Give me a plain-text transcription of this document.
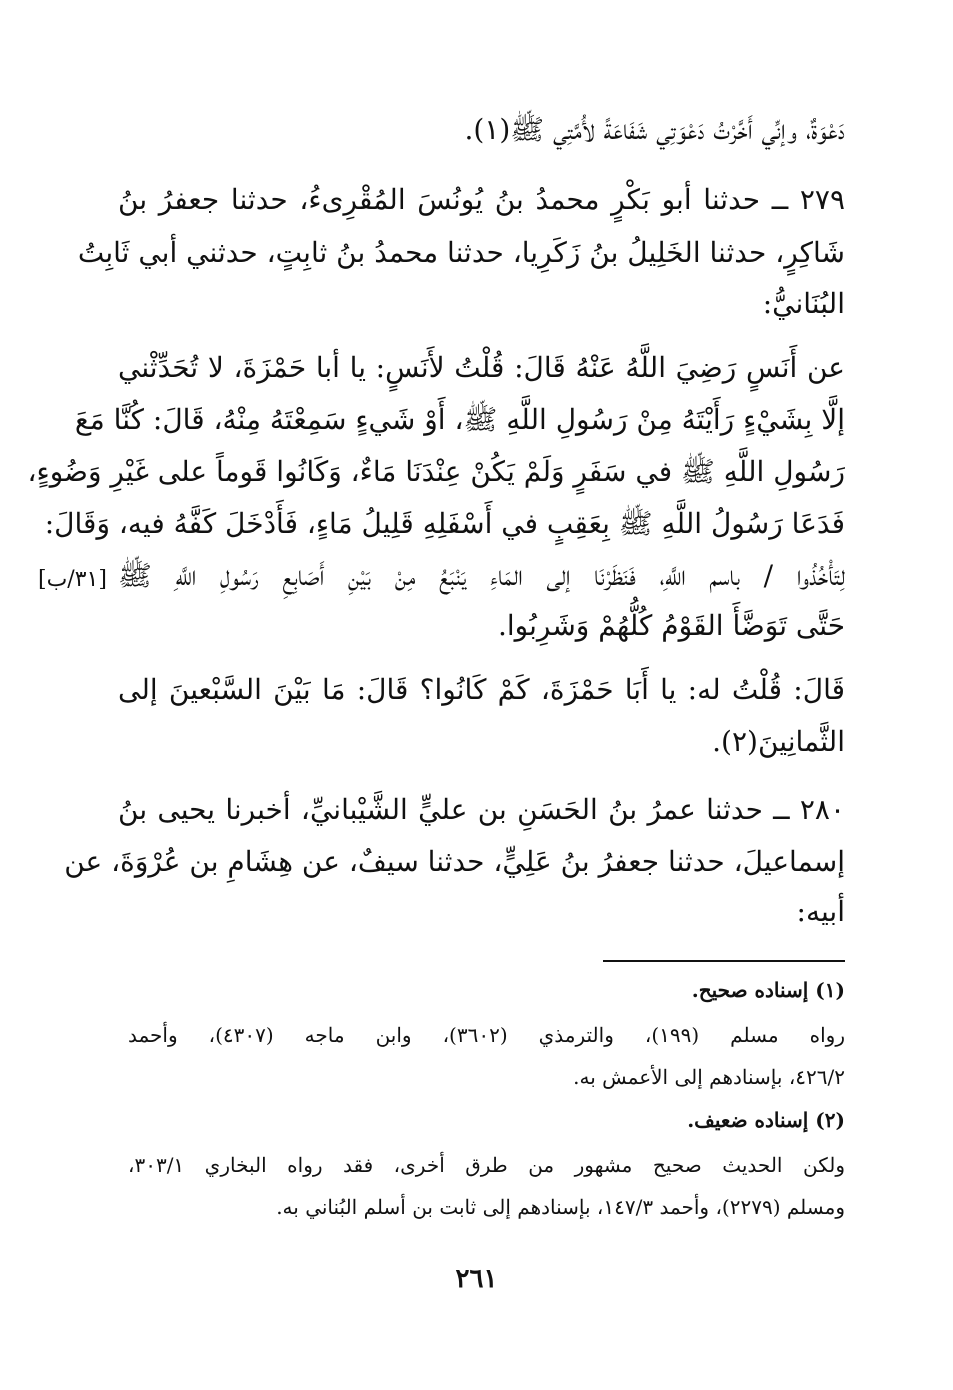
دَعْوَةٌ، وإنِّي أَخَّرْتُ دَعْوَتِي شَفَاعَةً لأُمَّتِي ﷺ(١).
٢٧٩ ــ حدثنا أبو بَكْرٍ محمدُ بنُ يُونُسَ المُقْرِىءُ، حدثنا جعفرُ بنُ
شَاكِرٍ، حدثنا الخَلِيلُ بنُ زَكَرِيا، حدثنا محمدُ بنُ ثابِتٍ، حدثني أبي ثَابِتُ
البُنَانيُّ:
عن أَنَسٍ رَضِيَ اللَّهُ عَنْهُ قَالَ: قُلْتُ لأَنَسٍ: يا أبا حَمْزَةَ، لا تُحَدِّثْني
إلَّا بِشَيْءٍ رَأَيْتَهُ مِنْ رَسُولِ اللَّهِ ﷺ، أَوْ شَيءٍ سَمِعْتَهُ مِنْهُ، قَالَ: كُنَّا مَعَ
رَسُولِ اللَّهِ ﷺ في سَفَرٍ وَلَمْ يَكُنْ عِنْدَنَا مَاءٌ، وَكَانُوا قَوماً على غَيْرِ وَضُوءٍ،
فَدَعَا رَسُولُ اللَّهِ ﷺ بِعَقِبٍ في أَسْفَلِهِ قَلِيلُ مَاءٍ، فَأَدْخَلَ كَفَّهُ فيه، وَقَالَ:
لِتَأْخُذُوا / باسم اللَّهِ، فَنَظَرْنَا إلى المَاءِ يَنْبَعُ مِنْ بَيْنِ أَصَابِعِ رَسُولِ اللَّهِ ﷺ
[٣١/ب]
حَتَّى تَوَضَّأَ القَوْمُ كُلُّهُمْ وَشَرِبُوا.
قَالَ: قُلْتُ له: يا أَبَا حَمْزَةَ، كَمْ كَانُوا؟ قَالَ: مَا بَيْنَ السَّبْعينَ إلى
الثَّمانِينَ(٢).
٢٨٠ ــ حدثنا عمرُ بنُ الحَسَنِ بن عليٍّ الشَّيْبانيِّ، أخبرنا يحيى بنُ
إسماعيلَ، حدثنا جعفرُ بنُ عَلِيٍّ، حدثنا سيفٌ، عن هِشَامِ بن عُرْوَةَ، عن
أبيه:
(١) إسناده صحيح.
رواه مسلم (١٩٩)، والترمذي (٣٦٠٢)، وابن ماجه (٤٣٠٧)، وأحمد
٤٢٦/٢، بإسنادهم إلى الأعمش به.
(٢) إسناده ضعيف.
ولكن الحديث صحيح مشهور من طرق أخرى، فقد رواه البخاري ٣٠٣/١،
ومسلم (٢٢٧٩)، وأحمد ١٤٧/٣، بإسنادهم إلى ثابت بن أسلم البُناني به.
٢٦١
